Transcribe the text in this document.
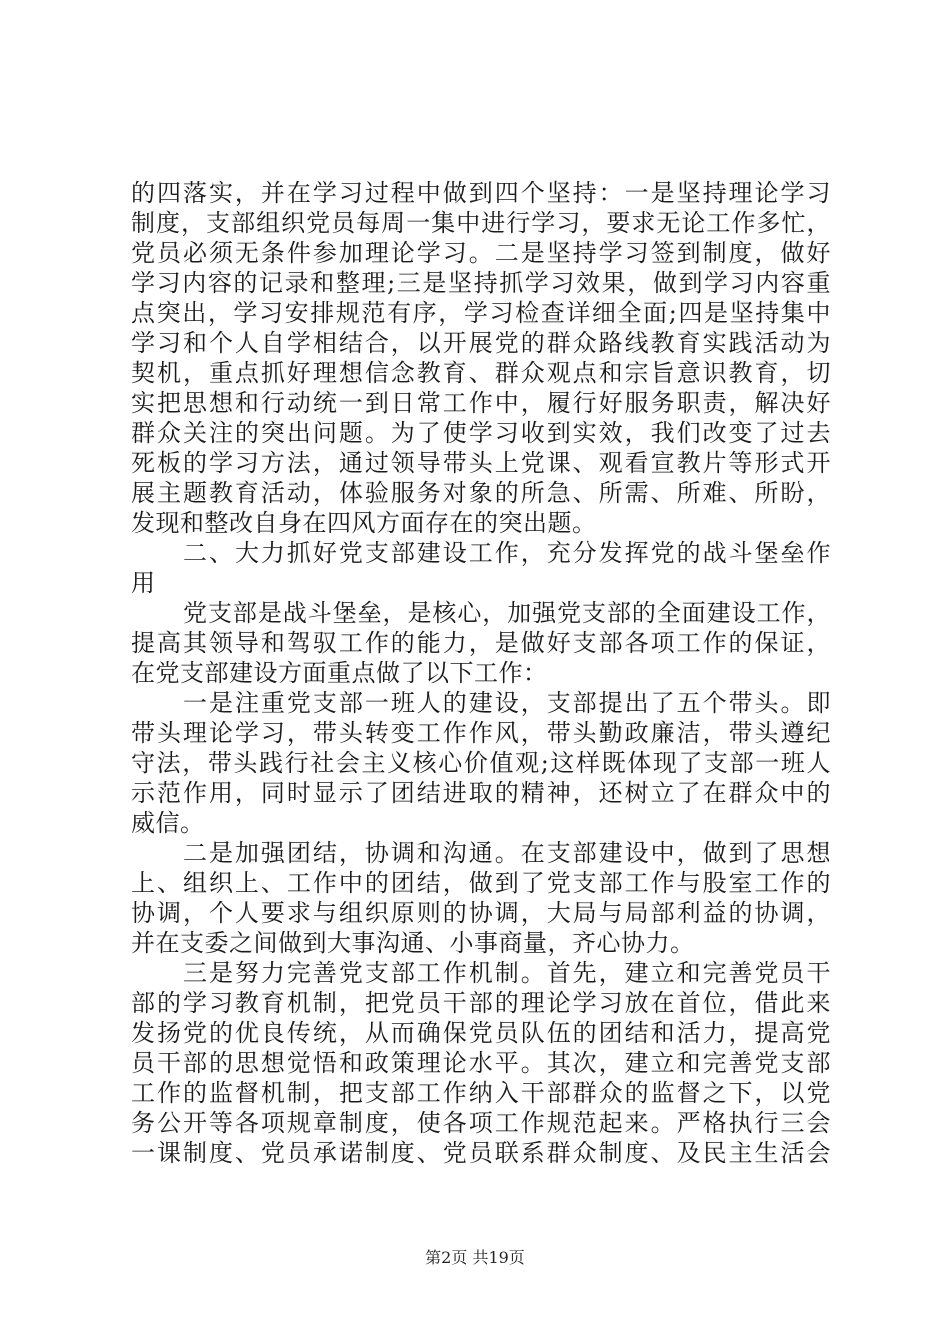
的四落实，并在学习过程中做到四个坚持：一是坚持理论学习
制度，支部组织党员每周一集中进行学习，要求无论工作多忙，
党员必须无条件参加理论学习。二是坚持学习签到制度，做好
学习内容的记录和整理;三是坚持抓学习效果，做到学习内容重
点突出，学习安排规范有序，学习检查详细全面;四是坚持集中
学习和个人自学相结合，以开展党的群众路线教育实践活动为
契机，重点抓好理想信念教育、群众观点和宗旨意识教育，切
实把思想和行动统一到日常工作中，履行好服务职责，解决好
群众关注的突出问题。为了使学习收到实效，我们改变了过去
死板的学习方法，通过领导带头上党课、观看宣教片等形式开
展主题教育活动，体验服务对象的所急、所需、所难、所盼，
发现和整改自身在四风方面存在的突出题。
二、大力抓好党支部建设工作，充分发挥党的战斗堡垒作
用
党支部是战斗堡垒，是核心，加强党支部的全面建设工作，
提高其领导和驾驭工作的能力，是做好支部各项工作的保证，
在党支部建设方面重点做了以下工作：
一是注重党支部一班人的建设，支部提出了五个带头。即
带头理论学习，带头转变工作作风，带头勤政廉洁，带头遵纪
守法，带头践行社会主义核心价值观;这样既体现了支部一班人
示范作用，同时显示了团结进取的精神，还树立了在群众中的
威信。
二是加强团结，协调和沟通。在支部建设中，做到了思想
上、组织上、工作中的团结，做到了党支部工作与股室工作的
协调，个人要求与组织原则的协调，大局与局部利益的协调，
并在支委之间做到大事沟通、小事商量，齐心协力。
三是努力完善党支部工作机制。首先，建立和完善党员干
部的学习教育机制，把党员干部的理论学习放在首位，借此来
发扬党的优良传统，从而确保党员队伍的团结和活力，提高党
员干部的思想觉悟和政策理论水平。其次，建立和完善党支部
工作的监督机制，把支部工作纳入干部群众的监督之下，以党
务公开等各项规章制度，使各项工作规范起来。严格执行三会
一课制度、党员承诺制度、党员联系群众制度、及民主生活会
第2页 共19页
